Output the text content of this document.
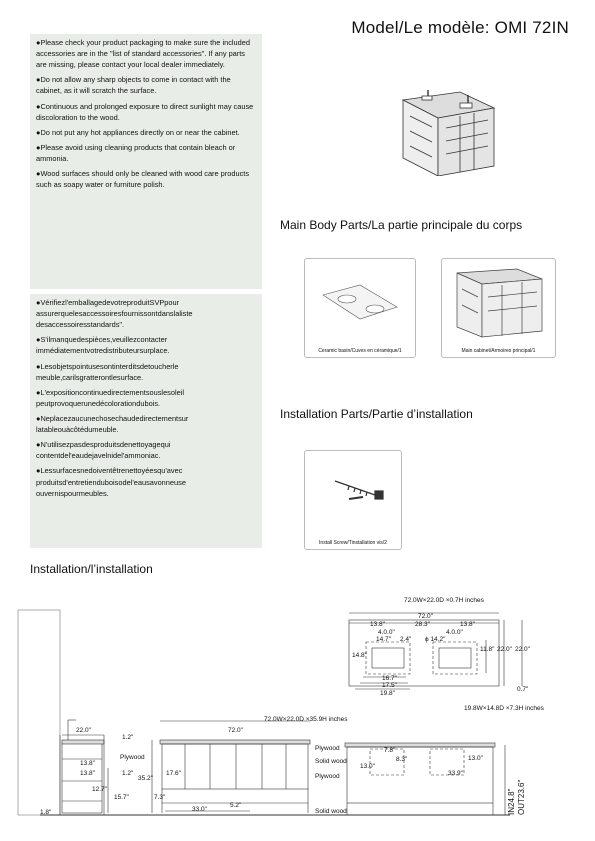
Model/Le modèle: OMI 72IN

●Please check your product packaging to make sure the included accessories are in the "list of standard accessories". If any parts are missing, please contact your local dealer immediately.

●Do not allow any sharp objects to come in contact with the cabinet, as it will scratch the surface.

●Continuous and prolonged exposure to direct sunlight may cause discoloration to the wood.

●Do not put any hot appliances directly on or near the cabinet.

●Please avoid using cleaning products that contain bleach or ammonia.

●Wood surfaces should only be cleaned with wood care products such as soapy water or furniture polish.

●Vérifiezl'emballagedevotreproduitSVPpour assurerquelesaccessoiresfournissontdanslaliste desaccessoiresstandards".

●S'ilmanquedespièces,veuillezcontacter immédiatementvotredistributeursurplace.

●Lesobjetspointusesontinterditsdetoucherle meuble,carilsgratterontlesurface.

●L'expositioncontinuedirectementsouslesoleil peutprovoquerunedécolorationdubois.

●Neplacezaucunechosechaudedirectementsur latableouàcôtédumeuble.

●N'utilisezpasdesproduitsdenettoyagequi contentdel'eaudejavelnidel'ammoniac.

●Lessurfacesnedoiventêtrenettoyéesqu'avec produitsd'entretienduboisodel'eausavonneuse ouvernispourmeubles.

Main Body Parts/La partie principale du corps
Ceramic basin/Cuves en céramique/1	Main cabinet/Armoires principal/1
Installation Parts/Partie d’installation
Install Screw/Tinstallation vis/2
Installation/l’installation
72.0W×22.0D ×0.7H inches
72.0"
13.8"	28.3"	13.8"
4.0.0"	4.0.0"
14.7" 2.4" ϕ 14.2"
14.8"
16.7"
17.5"
19.8"
11.8" 22.0" 22.0"
0.7"
19.8W×14.8D ×7.3H inches
22.0"
1.2"
1.2"
13.8"
13.8"
Plywood
35.2"
15.7"
1.8"
12.7"
7.3"
72.0W×22.0D ×35.9H inches
72.0"
33.0"
5.2"
17.6"
Plywood
Solid wood
Plywood
Solid wood
7.8"
13.0"
8.3"
33.9"
13.0"
IN24.8" OUT23.6"
